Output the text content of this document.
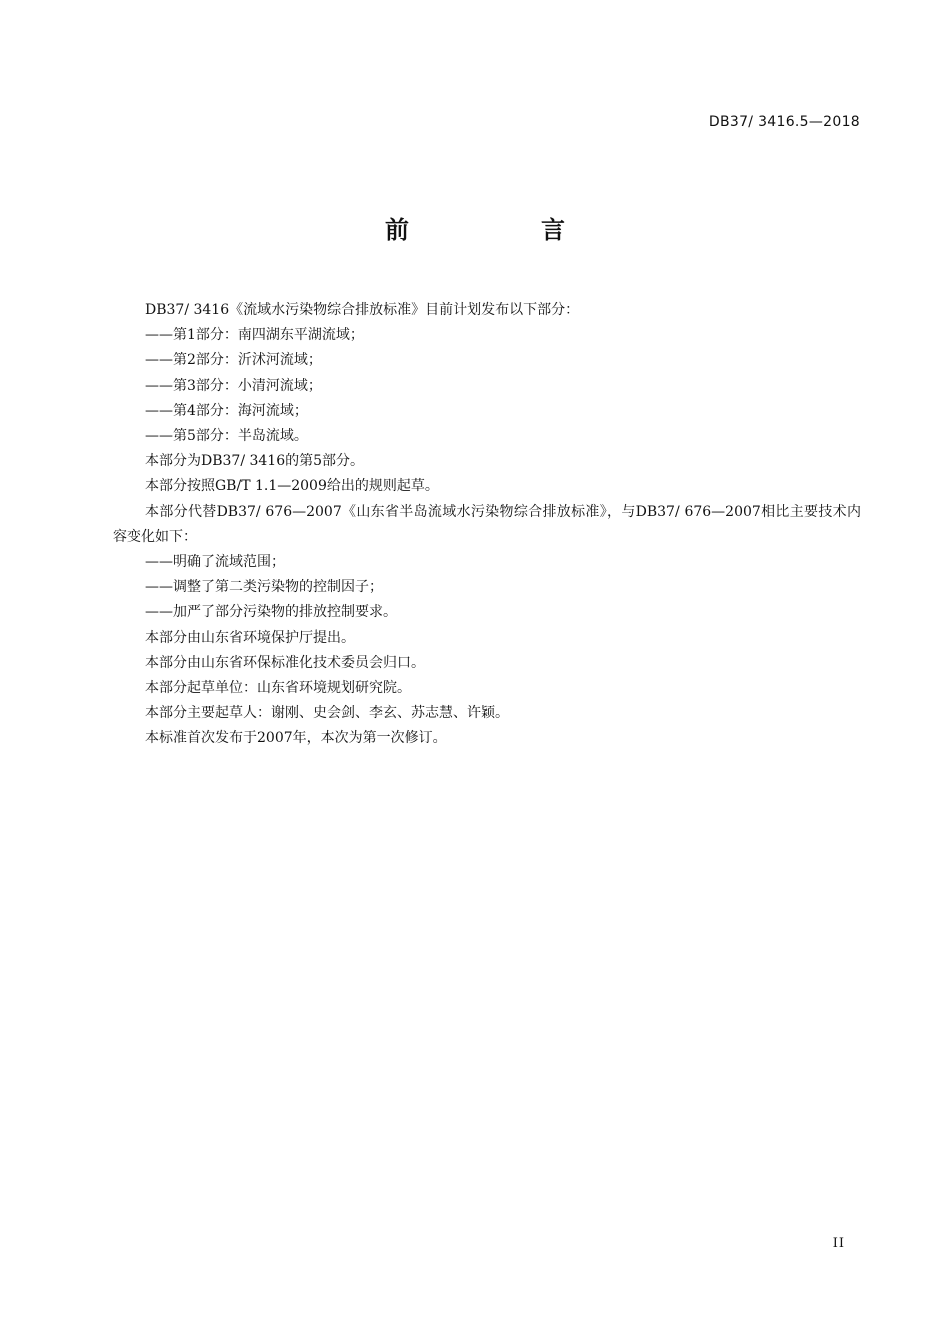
DB37/ 3416.5—2018
前　言

DB37/ 3416《流域水污染物综合排放标准》目前计划发布以下部分：

——第1部分：南四湖东平湖流域；

——第2部分：沂沭河流域；

——第3部分：小清河流域；

——第4部分：海河流域；

——第5部分：半岛流域。

本部分为DB37/ 3416的第5部分。

本部分按照GB/T 1.1—2009给出的规则起草。

本部分代替DB37/ 676—2007《山东省半岛流域水污染物综合排放标准》，与DB37/ 676—2007相比主要技术内容变化如下：

——明确了流域范围；

——调整了第二类污染物的控制因子；

——加严了部分污染物的排放控制要求。

本部分由山东省环境保护厅提出。

本部分由山东省环保标准化技术委员会归口。

本部分起草单位：山东省环境规划研究院。

本部分主要起草人：谢刚、史会剑、李玄、苏志慧、许颖。

本标准首次发布于2007年，本次为第一次修订。

II
